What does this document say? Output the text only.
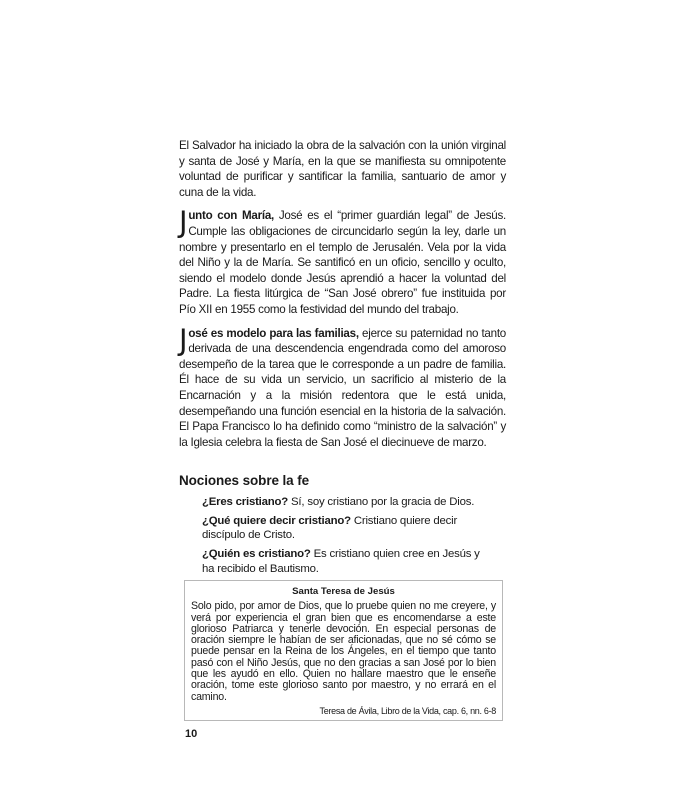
El Salvador ha iniciado la obra de la salvación con la unión virginal y santa de José y María, en la que se manifiesta su omnipotente voluntad de purificar y santificar la familia, santuario de amor y cuna de la vida.

Junto con María, José es el “primer guardián legal” de Jesús. Cumple las obligaciones de circuncidarlo según la ley, darle un nombre y presentarlo en el templo de Jerusalén. Vela por la vida del Niño y la de María. Se santificó en un oficio, sencillo y oculto, siendo el modelo donde Jesús aprendió a hacer la voluntad del Padre. La fiesta litúrgica de “San José obrero” fue instituida por Pío XII en 1955 como la festividad del mundo del trabajo.

José es modelo para las familias, ejerce su paternidad no tanto derivada de una descendencia engendrada como del amoroso desempeño de la tarea que le corresponde a un padre de familia. Él hace de su vida un servicio, un sacrificio al misterio de la Encarnación y a la misión redentora que le está unida, desempeñando una función esencial en la historia de la salvación. El Papa Francisco lo ha definido como “ministro de la salvación” y la Iglesia celebra la fiesta de San José el diecinueve de marzo.

Nociones sobre la fe

¿Eres cristiano? Sí, soy cristiano por la gracia de Dios.

¿Qué quiere decir cristiano? Cristiano quiere decir discípulo de Cristo.

¿Quién es cristiano? Es cristiano quien cree en Jesús y ha recibido el Bautismo.

Santa Teresa de Jesús

Solo pido, por amor de Dios, que lo pruebe quien no me creyere, y verá por experiencia el gran bien que es encomendarse a este glorioso Patriarca y tenerle devoción. En especial personas de oración siempre le habían de ser aficionadas, que no sé cómo se puede pensar en la Reina de los Ángeles, en el tiempo que tanto pasó con el Niño Jesús, que no den gracias a san José por lo bien que les ayudó en ello. Quien no hallare maestro que le enseñe oración, tome este glorioso santo por maestro, y no errará en el camino.

Teresa de Ávila, Libro de la Vida, cap. 6, nn. 6-8
10
